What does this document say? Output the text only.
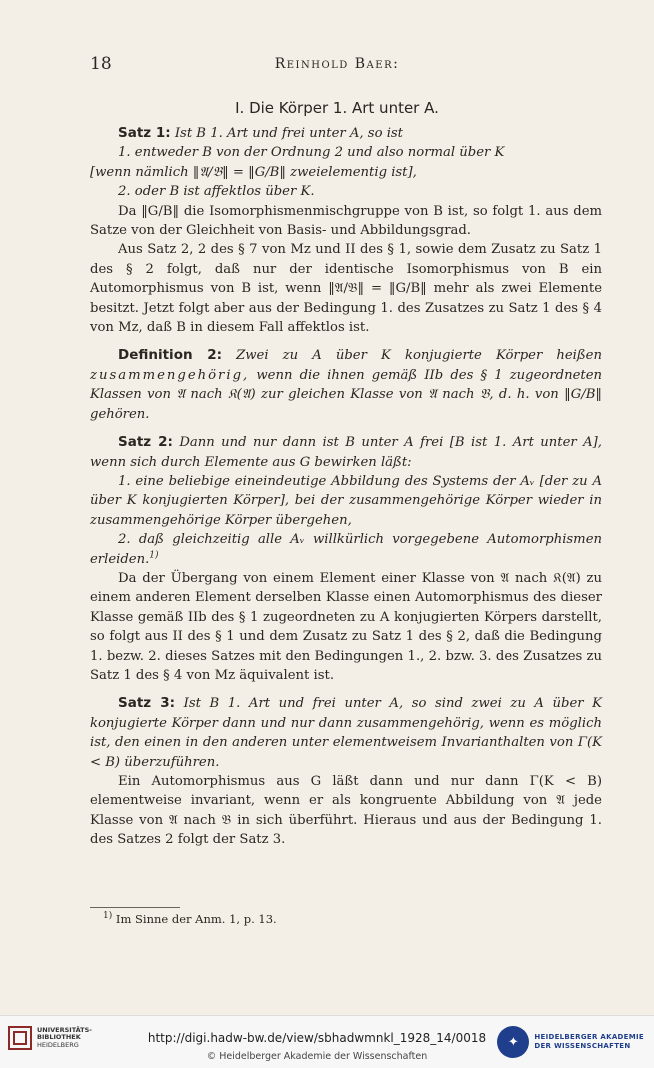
18	Reinhold Baer:
I. Die Körper 1. Art unter A.

Satz 1: Ist B 1. Art und frei unter A, so ist

1. entweder B von der Ordnung 2 und also normal über K

[wenn nämlich ‖𝔄/𝔅‖ = ‖G/B‖ zweielementig ist],

2. oder B ist affektlos über K.

Da ‖G/B‖ die Isomorphismenmischgruppe von B ist, so folgt 1. aus dem Satze von der Gleichheit von Basis- und Abbildungsgrad.

Aus Satz 2, 2 des § 7 von Mz und II des § 1, sowie dem Zusatz zu Satz 1 des § 2 folgt, daß nur der identische Isomorphismus von B ein Automorphismus von B ist, wenn ‖𝔄/𝔅‖ = ‖G/B‖ mehr als zwei Elemente besitzt. Jetzt folgt aber aus der Bedingung 1. des Zusatzes zu Satz 1 des § 4 von Mz, daß B in diesem Fall affektlos ist.

Definition 2: Zwei zu A über K konjugierte Körper heißen zusammengehörig, wenn die ihnen gemäß IIb des § 1 zugeordneten Klassen von 𝔄 nach 𝔎(𝔄) zur gleichen Klasse von 𝔄 nach 𝔅, d. h. von ‖G/B‖ gehören.

Satz 2: Dann und nur dann ist B unter A frei [B ist 1. Art unter A], wenn sich durch Elemente aus G bewirken läßt:

1. eine beliebige eineindeutige Abbildung des Systems der Aᵥ [der zu A über K konjugierten Körper], bei der zusammengehörige Körper wieder in zusammengehörige Körper übergehen,

2. daß gleichzeitig alle Aᵥ willkürlich vorgegebene Automorphismen erleiden.$^{1)}$

Da der Übergang von einem Element einer Klasse von 𝔄 nach 𝔎(𝔄) zu einem anderen Element derselben Klasse einen Automorphismus des dieser Klasse gemäß IIb des § 1 zugeordneten zu A konjugierten Körpers darstellt, so folgt aus II des § 1 und dem Zusatz zu Satz 1 des § 2, daß die Bedingung 1. bezw. 2. dieses Satzes mit den Bedingungen 1., 2. bzw. 3. des Zusatzes zu Satz 1 des § 4 von Mz äquivalent ist.

Satz 3: Ist B 1. Art und frei unter A, so sind zwei zu A über K konjugierte Körper dann und nur dann zusammengehörig, wenn es möglich ist, den einen in den anderen unter elementweisem Invarianthalten von Γ(K < B) überzuführen.

Ein Automorphismus aus G läßt dann und nur dann Γ(K < B) elementweise invariant, wenn er als kongruente Abbildung von 𝔄 jede Klasse von 𝔄 nach 𝔅 in sich überführt. Hieraus und aus der Bedingung 1. des Satzes 2 folgt der Satz 3.

$^{1)}$ Im Sinne der Anm. 1, p. 13.
UNIVERSITÄTS-
BIBLIOTHEK
HEIDELBERG	http://digi.hadw-bw.de/view/sbhadwmnkl_1928_14/0018
© Heidelberger Akademie der Wissenschaften
✦	HEIDELBERGER AKADEMIE
DER WISSENSCHAFTEN
